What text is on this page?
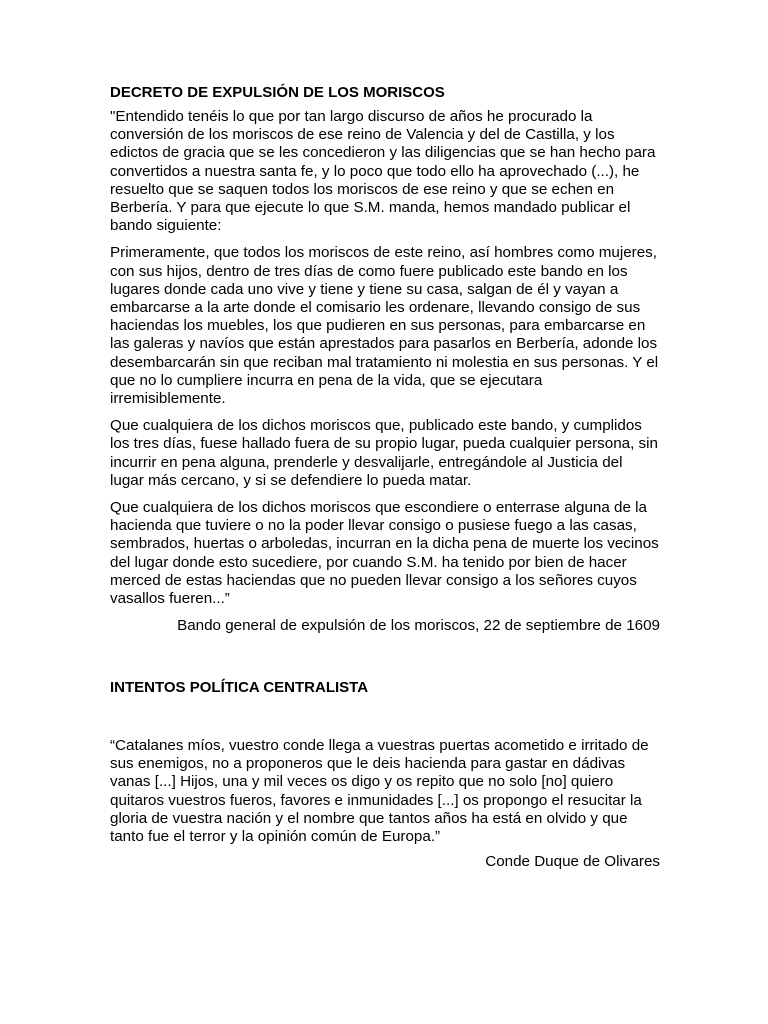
DECRETO DE EXPULSIÓN DE LOS MORISCOS

"Entendido tenéis lo que por tan largo discurso de años he procurado la conversión de los moriscos de ese reino de Valencia y del de Castilla, y los edictos de gracia que se les concedieron y las diligencias que se han hecho para convertidos a nuestra santa fe, y lo poco que todo ello ha aprovechado (...), he resuelto que se saquen todos los moriscos de ese reino y que se echen en Berbería. Y para que ejecute lo que S.M. manda, hemos mandado publicar el bando siguiente:

Primeramente, que todos los moriscos de este reino, así hombres como mujeres, con sus hijos, dentro de tres días de como fuere publicado este bando en los lugares donde cada uno vive y tiene y tiene su casa, salgan de él y vayan a embarcarse a la arte donde el comisario les ordenare, llevando consigo de sus haciendas los muebles, los que pudieren en sus personas, para embarcarse en las galeras y navíos que están aprestados para pasarlos en Berbería, adonde los desembarcarán sin que reciban mal tratamiento ni molestia en sus personas. Y el que no lo cumpliere incurra en pena de la vida, que se ejecutara irremisiblemente.

Que cualquiera de los dichos moriscos que, publicado este bando, y cumplidos los tres días, fuese hallado fuera de su propio lugar, pueda cualquier persona, sin incurrir en pena alguna, prenderle y desvalijarle, entregándole al Justicia del lugar más cercano, y si se defendiere lo pueda matar.

Que cualquiera de los dichos moriscos que escondiere o enterrase alguna de la hacienda que tuviere o no la poder llevar consigo o pusiese fuego a las casas, sembrados, huertas o arboledas, incurran en la dicha pena de muerte los vecinos del lugar donde esto sucediere, por cuando S.M. ha tenido por bien de hacer merced de estas haciendas que no pueden llevar consigo a los señores cuyos vasallos fueren...”

Bando general de expulsión de los moriscos, 22 de septiembre de 1609

INTENTOS POLÍTICA CENTRALISTA

“Catalanes míos, vuestro conde llega a vuestras puertas acometido e irritado de sus enemigos, no a proponeros que le deis hacienda para gastar en dádivas vanas [...] Hijos, una y mil veces os digo y os repito que no solo [no] quiero quitaros vuestros fueros, favores e inmunidades [...] os propongo el resucitar la gloria de vuestra nación y el nombre que tantos años ha está en olvido y que tanto fue el terror y la opinión común de Europa.”

Conde Duque de Olivares
